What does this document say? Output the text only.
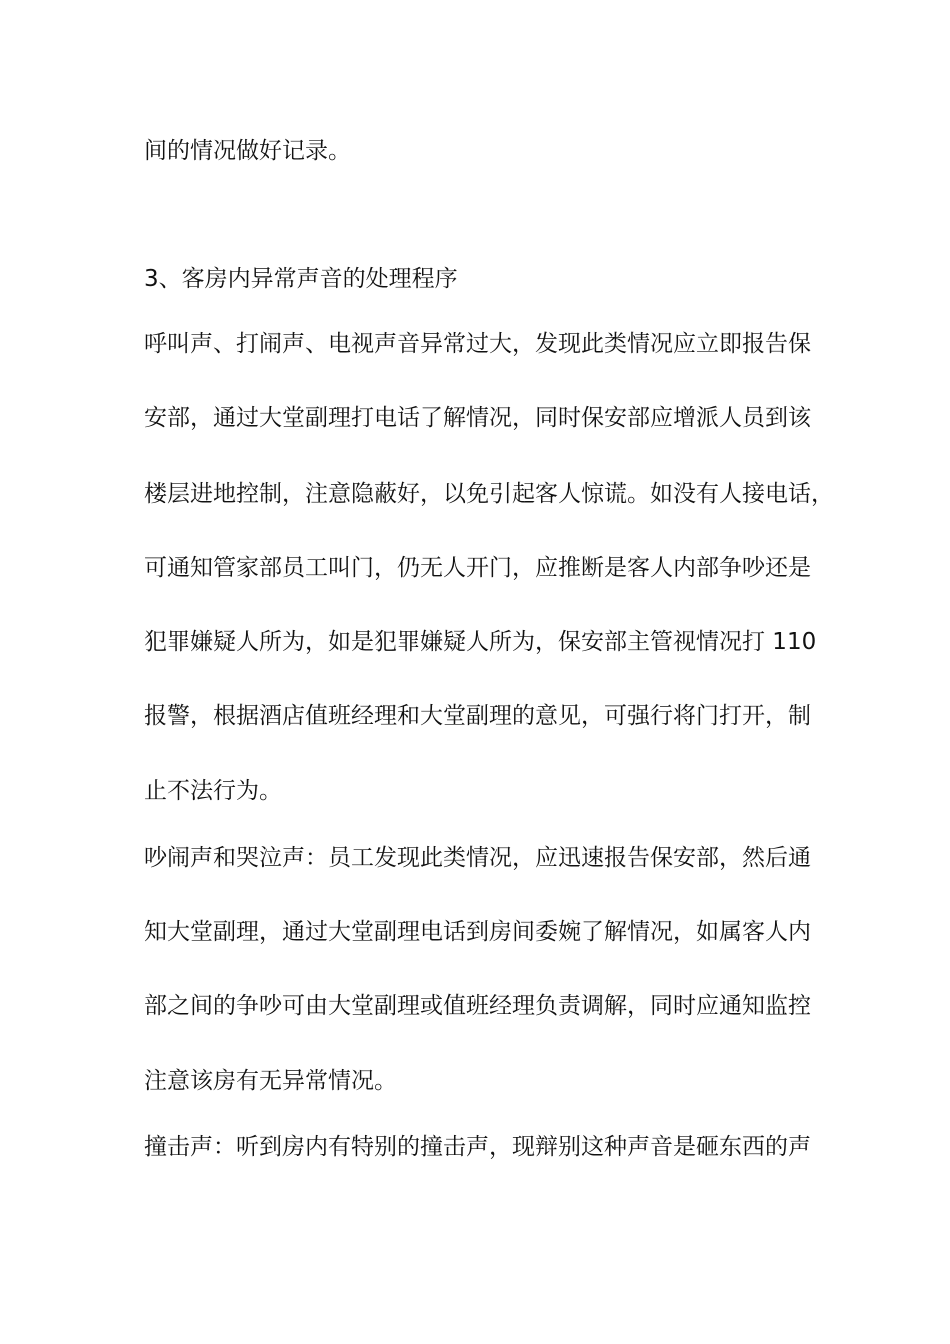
间的情况做好记录。
3、客房内异常声音的处理程序
呼叫声、打闹声、电视声音异常过大，发现此类情况应立即报告保
安部，通过大堂副理打电话了解情况，同时保安部应增派人员到该
楼层进地控制，注意隐蔽好，以免引起客人惊谎。如没有人接电话，
可通知管家部员工叫门，仍无人开门，应推断是客人内部争吵还是
犯罪嫌疑人所为，如是犯罪嫌疑人所为，保安部主管视情况打 110
报警，根据酒店值班经理和大堂副理的意见，可强行将门打开，制
止不法行为。
吵闹声和哭泣声：员工发现此类情况，应迅速报告保安部，然后通
知大堂副理，通过大堂副理电话到房间委婉了解情况，如属客人内
部之间的争吵可由大堂副理或值班经理负责调解，同时应通知监控
注意该房有无异常情况。
撞击声：听到房内有特别的撞击声，现辩别这种声音是砸东西的声
